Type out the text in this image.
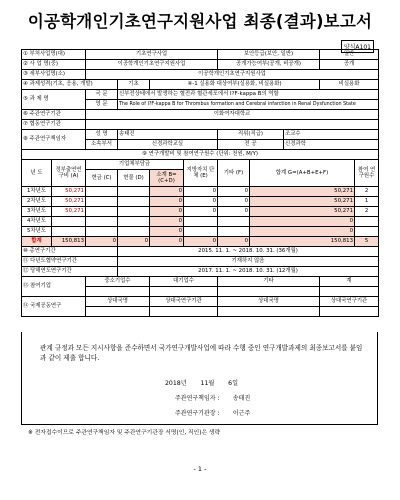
이공학개인기초연구지원사업 최종(결과)보고서
양식A101
① 부처사업명(대)		기초연구사업				보안등급(보안, 일반)			일반	
② 사 업 명(중)		이공학개인기초연구지원사업				공개가능여부(공개, 비공개)			공개	
③ 세부사업명(소)		이공학개인기초연구지원사업								
④ 과제성격(기초, 응용, 개발)			기초	④-1 실용화 대상여부(실용화, 비실용화)					비실용화	
⑤ 과 제 명		국 문	신부전상태에서 발생하는 혈전과 혈관세포에서 I?F-kappa B의 역할							
		영 문	The Role of I?F-kappa B for Thrombus formation and Cerebral infarction in Renal Dysfunction State							
⑥ 주관연구기관		이화여자대학교								
⑦ 협동연구기관										
⑧ 주관연구책임자		성 명	송태진			직위(직급)		조교수		
		소속부서	신경과학교실			전 공		신경과학		
⑨ 연구개발비 및 참여연구원수 (단위: 천원, M/Y)										
년 도	정부출연연구비 (A)	기업체부담금			지방자치 단체 (E)	기타 (F)	합계 G=(A+B+E+F)			참여 연구원수
		현금 (C)	현물 (D)	소계 B=(C+D)						
1차년도	50,271			0	0	0	50,271			2
2차년도	50,271			0	0	0	50,271			1
3차년도	50,271			0	0	0	50,271			2
4차년도				0			0			
5차년도				0			0			
합계	150,813	0	0	0	0	0	150,813			5
⑩ 총연구기간			2015. 11. 1. ~ 2018. 10. 31. (36개월)							
⑪ 다년도협약연구기간			기재하지 않음							
⑫ 당해연도연구기간			2017. 11. 1. ~ 2018. 10. 31. (12개월)							
⑬ 참여기업		중소기업수		대기업수		기타			계	

⑭ 국제공동연구		상대국명		상대국연구기관		상대국명			상대국연구기관	

관계 규정과 모든 지시사항을 준수하면서 국가연구개발사업에 따라 수행 중인 연구개발과제의 최종보고서를 붙임과 같이 제출 합니다.
2018년 11월 6일
주관연구책임자 : 송태진
주관연구기관장 : 이근주
※ 전자접수이므로 주관연구책임자 및 주관연구기관장 서명(인, 직인)은 생략
- 1 -
